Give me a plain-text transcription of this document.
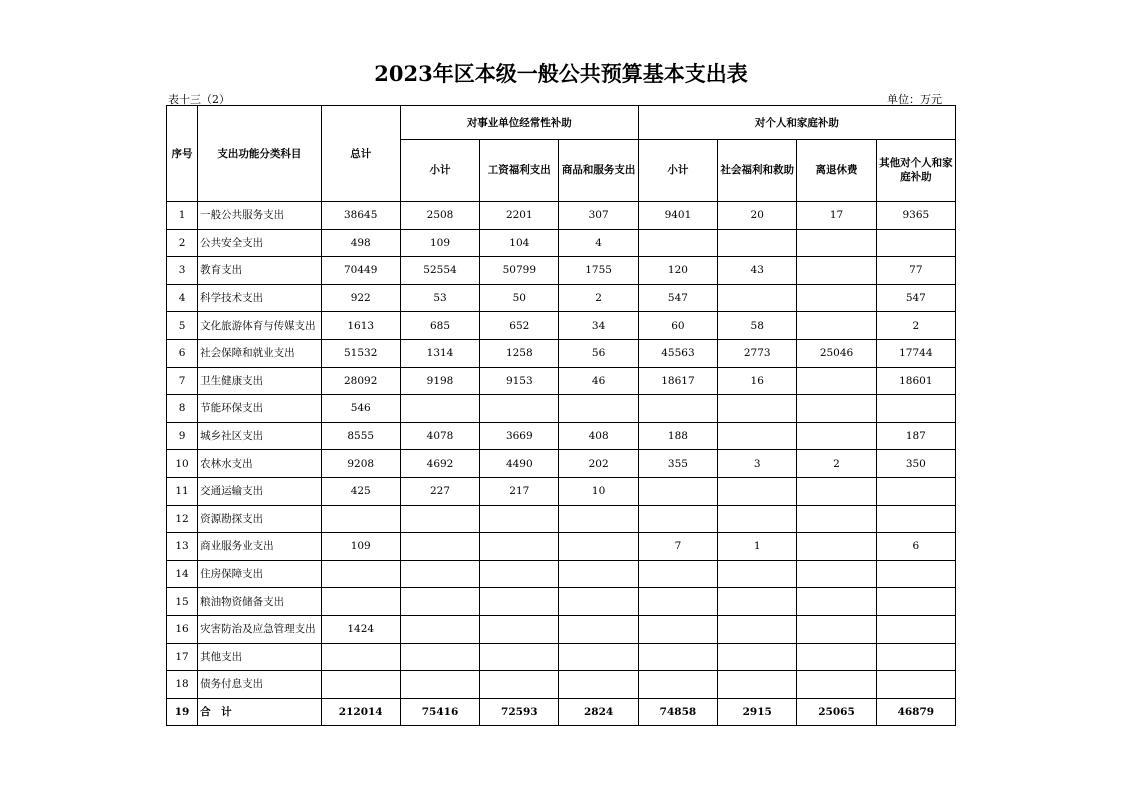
2023年区本级一般公共预算基本支出表
表十三（2）	单位：万元
序号	支出功能分类科目	总计	对事业单位经常性补助			对个人和家庭补助			
			小计	工资福利支出	商品和服务支出	小计	社会福利和救助	离退休费	其他对个人和家庭补助
1	一般公共服务支出	38645	2508	2201	307	9401	20	17	9365
2	公共安全支出	498	109	104	4				
3	教育支出	70449	52554	50799	1755	120	43		77
4	科学技术支出	922	53	50	2	547			547
5	文化旅游体育与传媒支出	1613	685	652	34	60	58		2
6	社会保障和就业支出	51532	1314	1258	56	45563	2773	25046	17744
7	卫生健康支出	28092	9198	9153	46	18617	16		18601
8	节能环保支出	546							
9	城乡社区支出	8555	4078	3669	408	188			187
10	农林水支出	9208	4692	4490	202	355	3	2	350
11	交通运输支出	425	227	217	10				
12	资源勘探支出								
13	商业服务业支出	109				7	1		6
14	住房保障支出								
15	粮油物资储备支出								
16	灾害防治及应急管理支出	1424							
17	其他支出								
18	债务付息支出								
19	合　计	212014	75416	72593	2824	74858	2915	25065	46879
